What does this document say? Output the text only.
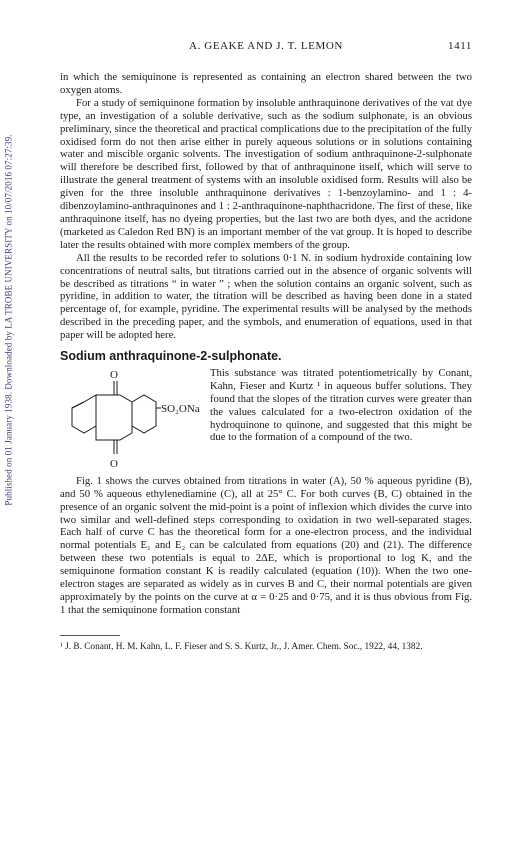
Published on 01 January 1938. Downloaded by LA TROBE UNIVERSITY on 10/07/2016 07:27:39.
A. GEAKE AND J. T. LEMON	1411

in which the semiquinone is represented as containing an electron shared between the two oxygen atoms.

For a study of semiquinone formation by insoluble anthraquinone derivatives of the vat dye type, an investigation of a soluble derivative, such as the sodium sulphonate, is an obvious preliminary, since the theoretical and practical complications due to the precipitation of the fully oxidised form do not then arise either in purely aqueous solutions or in solutions containing water and miscible organic solvents. The investigation of sodium anthraquinone-2-sulphonate will therefore be described first, followed by that of anthraquinone itself, which will serve to illustrate the general treatment of systems with an insoluble oxidised form. Results will also be given for the three insoluble anthraquinone derivatives : 1-benzoylamino- and 1 : 4-dibenzoylamino-anthraquinones and 1 : 2-anthraquinone-naphthacridone. The first of these, like anthraquinone itself, has no dyeing properties, but the last two are both dyes, and the acridone (marketed as Caledon Red BN) is an important member of the vat group. It is hoped to describe later the results obtained with more complex members of the group.

All the results to be recorded refer to solutions 0·1 N. in sodium hydroxide containing low concentrations of neutral salts, but titrations carried out in the absence of organic solvents will be described as titrations “ in water ” ; when the solution contains an organic solvent, such as pyridine, in addition to water, the titration will be described as having been done in a stated percentage of, for example, pyridine. The experimental results will be analysed by the methods described in the preceding paper, and the symbols, and enumeration of equations, used in that paper will be adopted here.

Sodium anthraquinone-2-sulphonate.
O
O
SO₂ONa

This substance was titrated potentiometrically by Conant, Kahn, Fieser and Kurtz ¹ in aqueous buffer solutions. They found that the slopes of the titration curves were greater than the values calculated for a two-electron oxidation of the hydroquinone to quinone, and suggested that this might be due to the formation of a compound of the two.

Fig. 1 shows the curves obtained from titrations in water (A), 50 % aqueous pyridine (B), and 50 % aqueous ethylenediamine (C), all at 25° C. For both curves (B, C) obtained in the presence of an organic solvent the mid-point is a point of inflexion which divides the curve into two similar and well-defined steps corresponding to oxidation in two well-separated stages. Each half of curve C has the theoretical form for a one-electron process, and the individual normal potentials E₁ and E₂ can be calculated from equations (20) and (21). The difference between these two potentials is equal to 2ΔE, which is proportional to log K, and the semiquinone formation constant K is readily calculated (equation (10)). When the two one-electron stages are separated as widely as in curves B and C, their normal potentials are given approximately by the points on the curve at α = 0·25 and 0·75, and it is thus obvious from Fig. 1 that the semiquinone formation constant

¹ J. B. Conant, H. M. Kahn, L. F. Fieser and S. S. Kurtz, Jr., J. Amer. Chem. Soc., 1922, 44, 1382.
